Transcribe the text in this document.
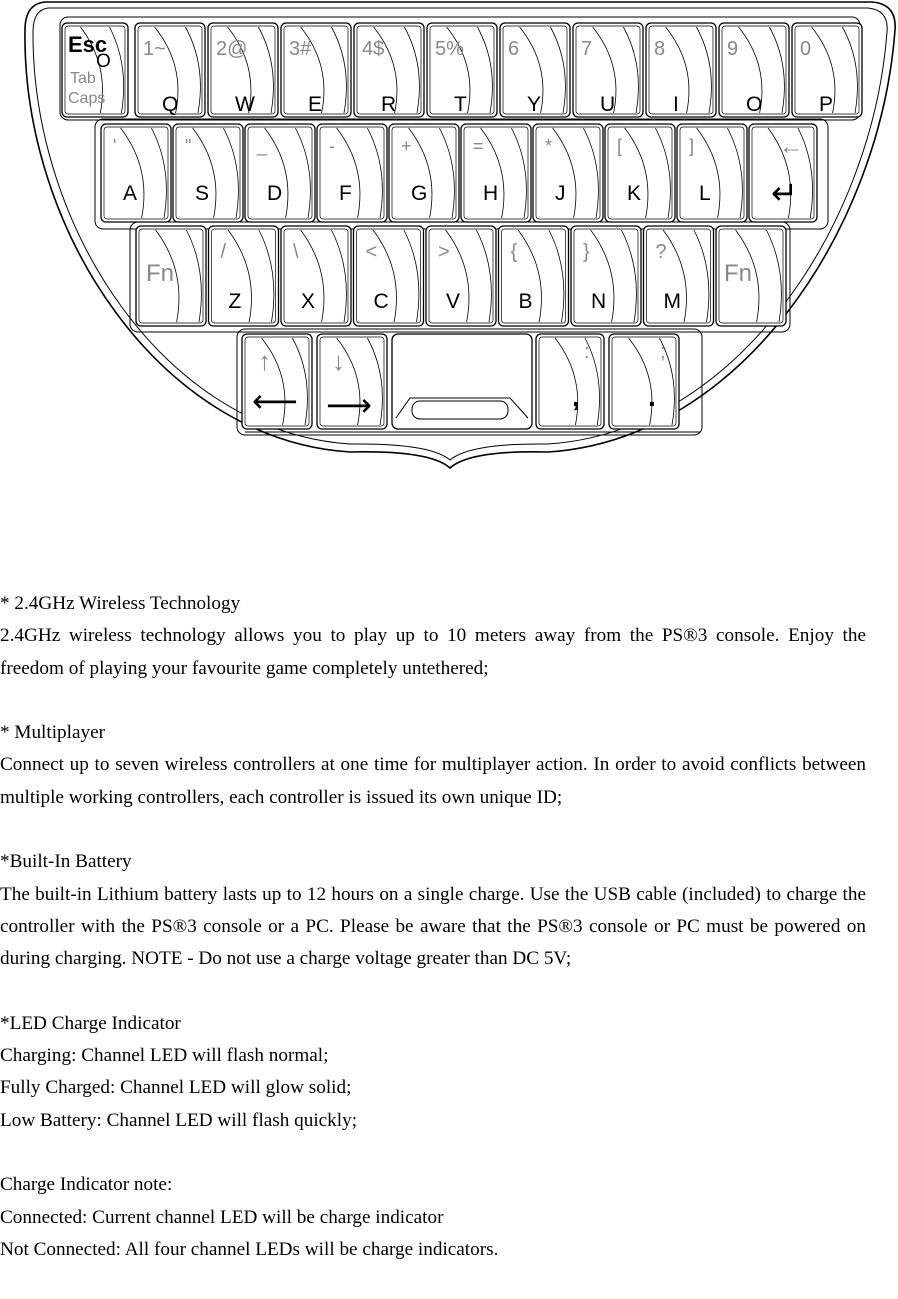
Esc
O
Tab
Caps
1~
Q
2@
W
3#
E
4$
R
5%
T
6
Y
7
U
8
I
9
O
0
P
'
A
"
S
_
D
-
F
+
G
=
H
*
J
[
K
]
L
←
↵
Fn
/
Z
\
X
<
C
>
V
{
B
}
N
?
M
Fn
↑
⟵
↓
⟶
:
,
;
.

* 2.4GHz Wireless Technology

2.4GHz wireless technology allows you to play up to 10 meters away from the PS®3 console. Enjoy the freedom of playing your favourite game completely untethered;

* Multiplayer

Connect up to seven wireless controllers at one time for multiplayer action. In order to avoid conflicts between multiple working controllers, each controller is issued its own unique ID;

*Built-In Battery

The built-in Lithium battery lasts up to 12 hours on a single charge. Use the USB cable (included) to charge the controller with the PS®3 console or a PC. Please be aware that the PS®3 console or PC must be powered on during charging. NOTE - Do not use a charge voltage greater than DC 5V;

*LED Charge Indicator

Charging: Channel LED will flash normal;

Fully Charged: Channel LED will glow solid;

Low Battery: Channel LED will flash quickly;

Charge Indicator note:

Connected: Current channel LED will be charge indicator

Not Connected: All four channel LEDs will be charge indicators.
